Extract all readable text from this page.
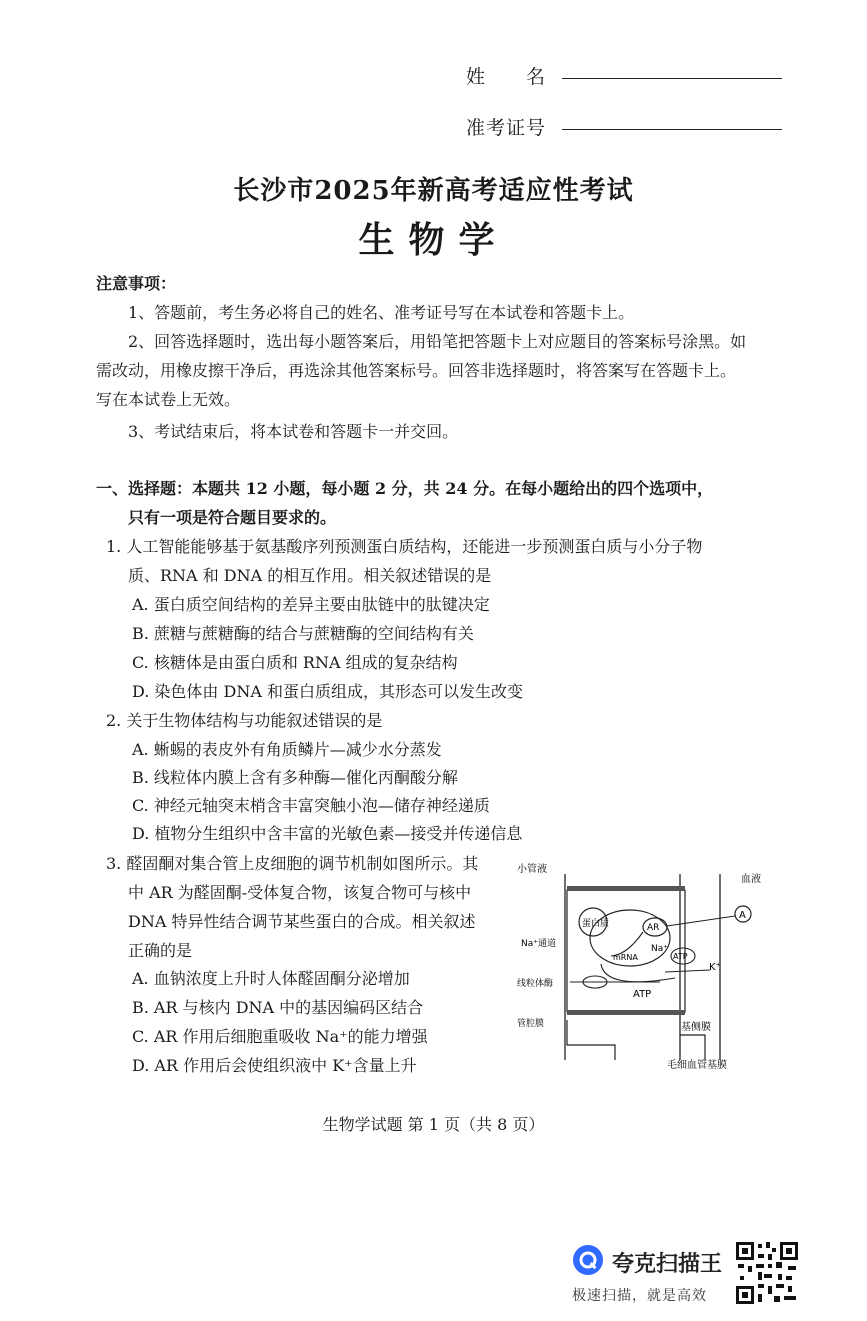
姓　　名
准考证号
长沙市2025年新高考适应性考试
生物学
注意事项：
1、答题前，考生务必将自己的姓名、准考证号写在本试卷和答题卡上。
2、回答选择题时，选出每小题答案后，用铅笔把答题卡上对应题目的答案标号涂黑。如
需改动，用橡皮擦干净后，再选涂其他答案标号。回答非选择题时，将答案写在答题卡上。
写在本试卷上无效。
3、考试结束后，将本试卷和答题卡一并交回。
一、选择题：本题共 12 小题，每小题 2 分，共 24 分。在每小题给出的四个选项中，
只有一项是符合题目要求的。
1. 人工智能能够基于氨基酸序列预测蛋白质结构，还能进一步预测蛋白质与小分子物
质、RNA 和 DNA 的相互作用。相关叙述错误的是
A. 蛋白质空间结构的差异主要由肽链中的肽键决定
B. 蔗糖与蔗糖酶的结合与蔗糖酶的空间结构有关
C. 核糖体是由蛋白质和 RNA 组成的复杂结构
D. 染色体由 DNA 和蛋白质组成，其形态可以发生改变
2. 关于生物体结构与功能叙述错误的是
A. 蜥蜴的表皮外有角质鳞片—减少水分蒸发
B. 线粒体内膜上含有多种酶—催化丙酮酸分解
C. 神经元轴突末梢含丰富突触小泡—储存神经递质
D. 植物分生组织中含丰富的光敏色素—接受并传递信息
3. 醛固酮对集合管上皮细胞的调节机制如图所示。其
中 AR 为醛固酮-受体复合物，该复合物可与核中
DNA 特异性结合调节某些蛋白的合成。相关叙述
正确的是
A. 血钠浓度上升时人体醛固酮分泌增加
B. AR 与核内 DNA 中的基因编码区结合
C. AR 作用后细胞重吸收 Na⁺的能力增强
D. AR 作用后会使组织液中 K⁺含量上升
小管液
血液
A
AR
蛋白质
Na⁺通道
mRNA
Na⁺
ATP
K⁺
线粒体酶
ATP
管腔膜	基侧膜
毛细血管基膜
生物学试题 第 1 页（共 8 页）
夸克扫描王
极速扫描，就是高效
